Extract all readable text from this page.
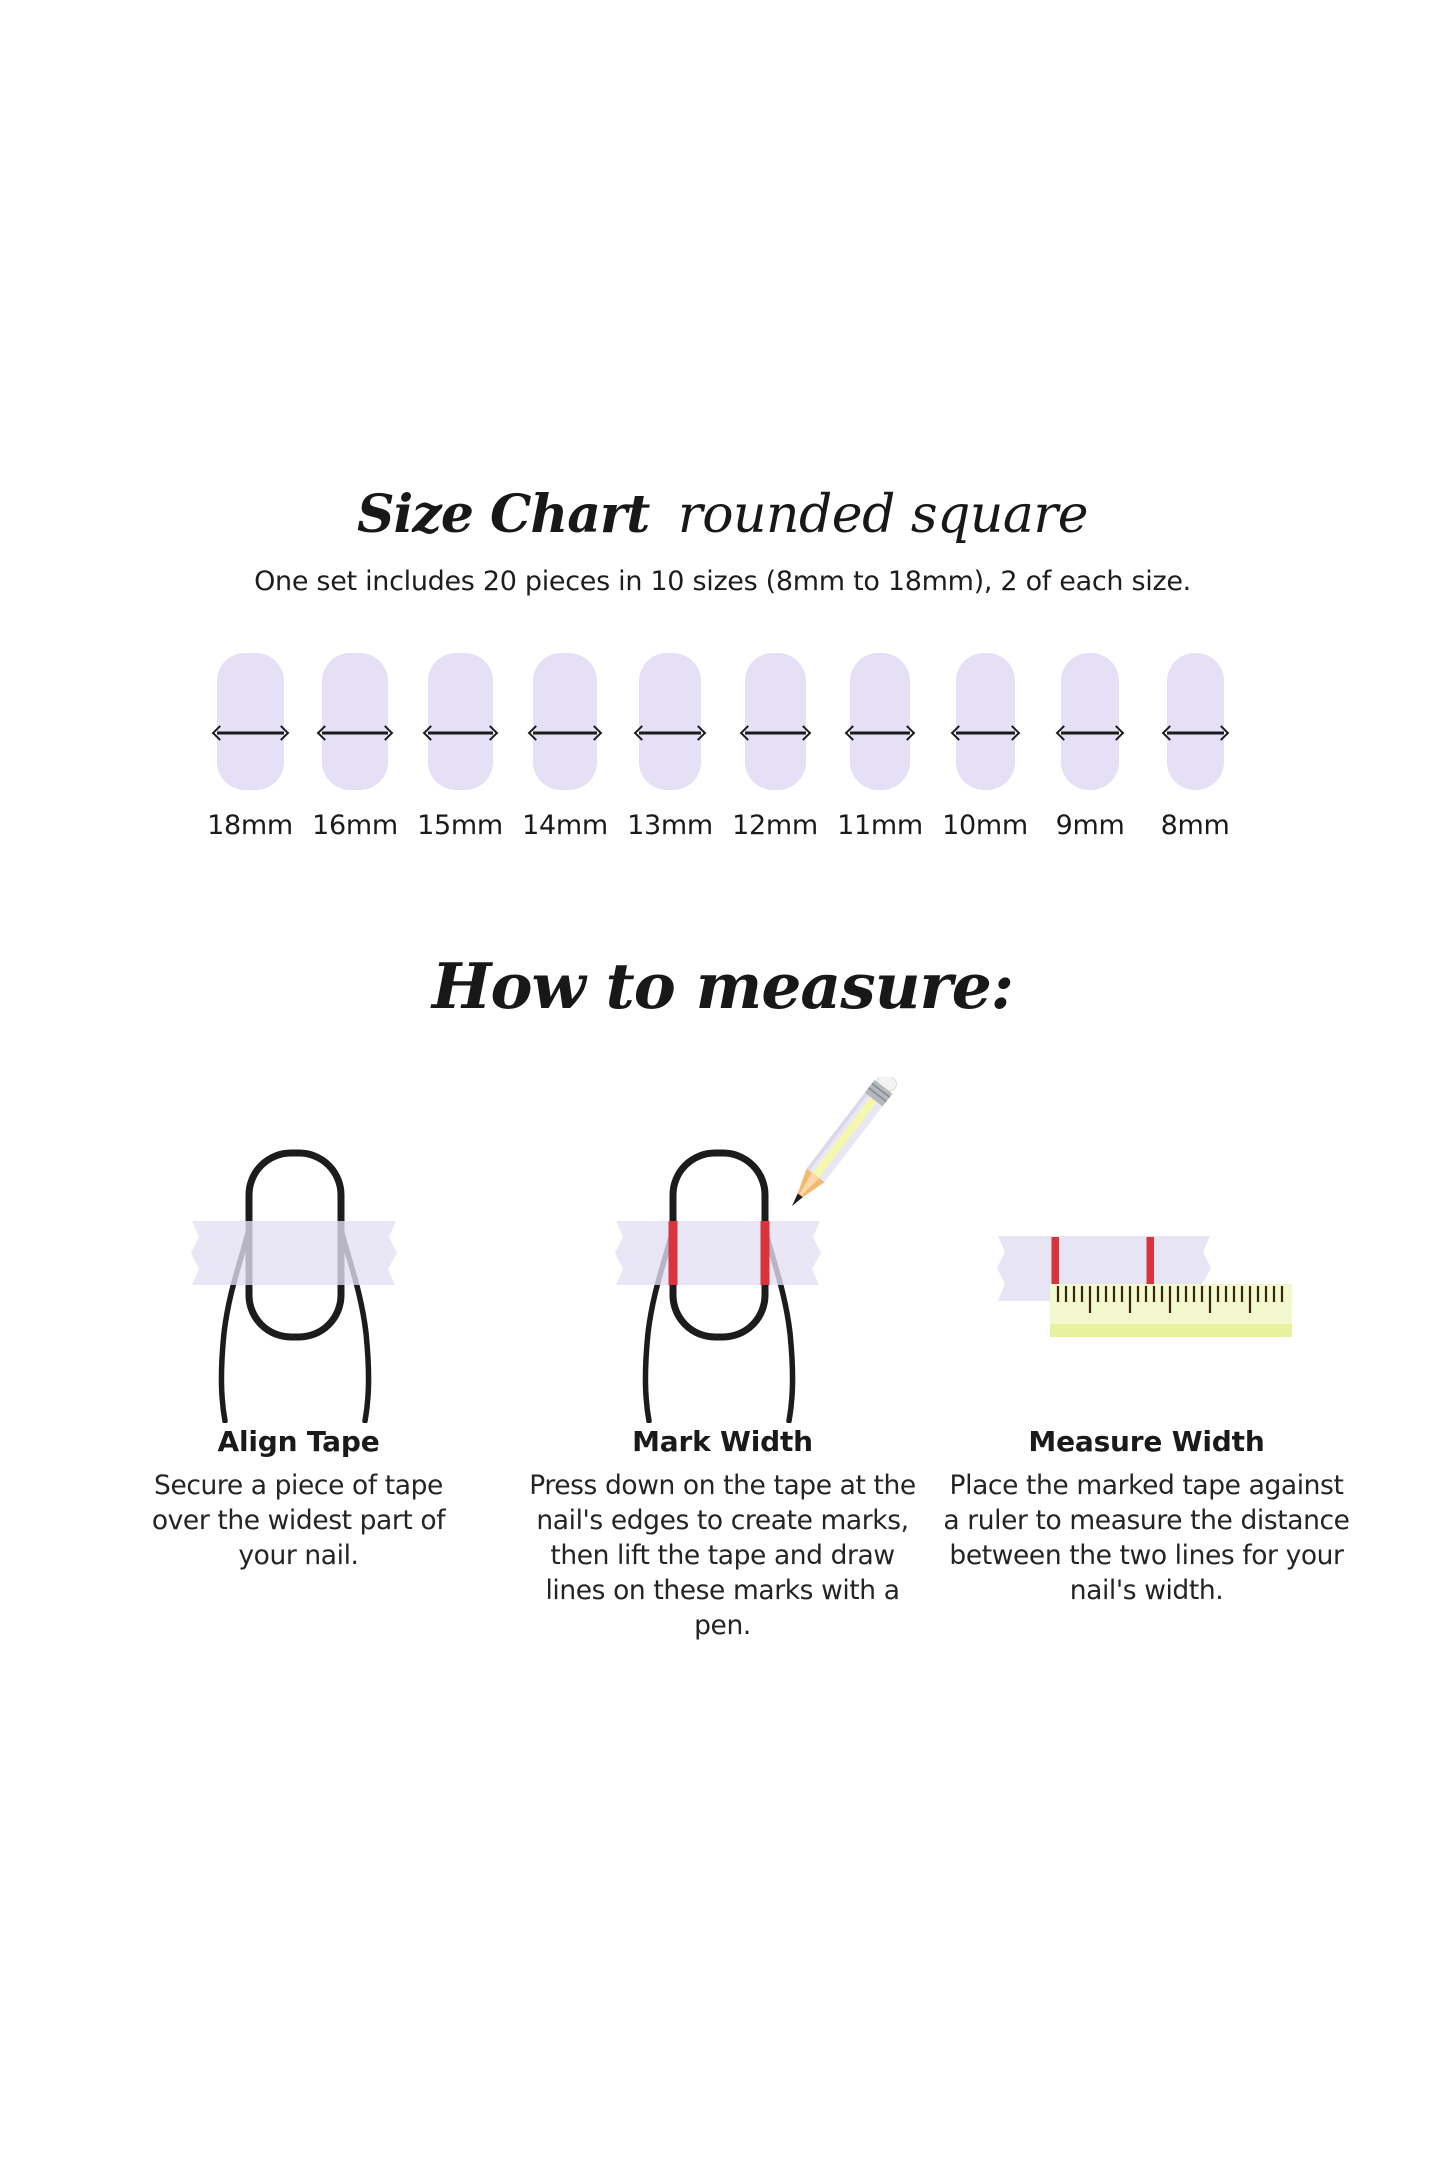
Size Chart rounded square

One set includes 20 pieces in 10 sizes (8mm to 18mm), 2 of each size.

18mm 16mm 15mm 14mm 13mm 12mm 11mm 10mm 9mm 8mm
How to measure:
Align Tape

Secure a piece of tape over the widest part of your nail.

Mark Width

Press down on the tape at the nail's edges to create marks, then lift the tape and draw lines on these marks with a pen.

Measure Width

Place the marked tape against a ruler to measure the distance between the two lines for your nail's width.
